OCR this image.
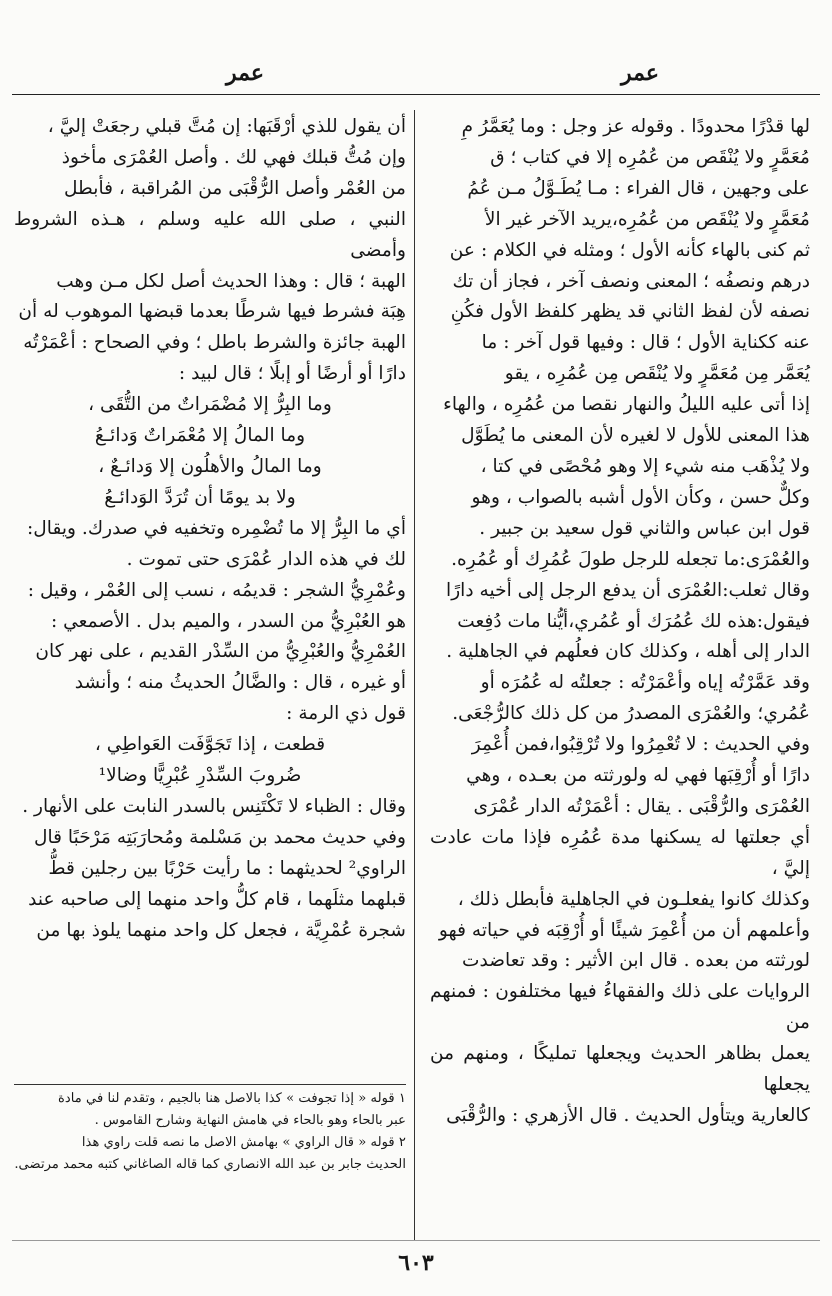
عمر
عمر

لها قدْرًا محدودًا . وقوله عز وجل : وما يُعَمَّرُ مِ

مُعَمَّرٍ ولا يُنْقَص من عُمُرِه إلا في كتاب ؛ ق

على وجهين ، قال الفراء : مـا يُطَـوَّلُ مـن عُمُ

مُعَمَّرٍ ولا يُنْقَص من عُمُرِه،يريد الآخر غير الأ

ثم كنى بالهاء كأنه الأول ؛ ومثله في الكلام : عن

درهم ونصفُه ؛ المعنى ونصف آخر ، فجاز أن تك

نصفه لأن لفظ الثاني قد يظهر كلفظ الأول فكُنِ

عنه ككناية الأول ؛ قال : وفيها قول آخر : ما

يُعَمَّر مِن مُعَمَّرٍ ولا يُنْقَص مِن عُمُرِه ، يقو

إذا أتى عليه الليلُ والنهار نقصا من عُمُرِه ، والهاء

هذا المعنى للأول لا لغيره لأن المعنى ما يُطَوَّل

ولا يُذْهَب منه شيء إلا وهو مُحْصًى في كتا ،

وكلٌّ حسن ، وكأن الأول أشبه بالصواب ، وهو

قول ابن عباس والثاني قول سعيد بن جبير .

والعُمْرَى:ما تجعله للرجل طولَ عُمُرِك أو عُمُرِه.

وقال ثعلب:العُمْرَى أن يدفع الرجل إلى أخيه دارًا

فيقول:هذه لك عُمُرَك أو عُمُري،أيُّنا مات دُفِعت

الدار إلى أهله ، وكذلك كان فعلُهم في الجاهلية .

وقد عَمَّرْتُه إياه وأعْمَرْتُه : جعلتُه له عُمُرَه أو

عُمُري؛ والعُمْرَى المصدرُ من كل ذلك كالرُّجْعَى.

وفي الحديث : لا تُعْمِرُوا ولا تُرْقِبُوا،فمن أُعْمِرَ

دارًا أو أُرْقِبَها فهي له ولورثته من بعـده ، وهي

العُمْرَى والرُّقْبَى . يقال : أعْمَرْتُه الدار عُمْرَى

أي جعلتها له يسكنها مدة عُمُرِه فإذا مات عادت إليَّ ،

وكذلك كانوا يفعلـون في الجاهلية فأبطل ذلك ،

وأعلمهم أن من أُعْمِرَ شيئًا أو أُرْقِبَه في حياته فهو

لورثته من بعده . قال ابن الأثير : وقد تعاضدت

الروايات على ذلك والفقهاءُ فيها مختلفون : فمنهم من

يعمل بظاهر الحديث ويجعلها تمليكًا ، ومنهم من يجعلها

كالعارية ويتأول الحديث . قال الأزهري : والرُّقْبَى

أن يقول للذي أرْقَبَها: إن مُتَّ قبلي رجعَتْ إليَّ ،

وإن مُتُّ قبلك فهي لك . وأصل العُمْرَى مأخوذ

من العُمْر وأصل الرُّقْبَى من المُراقبة ، فأبطل

النبي ، صلى الله عليه وسلم ، هـذه الشروط وأمضى

الهبة ؛ قال : وهذا الحديث أصل لكل مـن وهب

هِبَة فشرط فيها شرطًا بعدما قبضها الموهوب له أن

الهبة جائزة والشرط باطل ؛ وفي الصحاح : أعْمَرْتُه

دارًا أو أرضًا أو إبلًا ؛ قال لبيد :

وما البِرُّ إلا مُضْمَراتٌ من التُّقَى ،

وما المالُ إلا مُعْمَراتٌ وَدائـعُ

وما المالُ والأهلُون إلا وَدائـعٌ ،

ولا بد يومًا أن تُرَدَّ الوَدائـعُ

أي ما البِرُّ إلا ما تُضْمِره وتخفيه في صدرك. ويقال:

لك في هذه الدار عُمْرَى حتى تموت .

وعُمْرِيُّ الشجر : قديمُه ، نسب إلى العُمْر ، وقيل :

هو العُبْرِيُّ من السدر ، والميم بدل . الأصمعي :

العُمْرِيُّ والعُبْرِيُّ من السِّدْر القديم ، على نهر كان

أو غيره ، قال : والضَّالُ الحديثُ منه ؛ وأنشد

قول ذي الرمة :

قطعت ، إذا تَجَوَّفَت العَواطِي ،

ضُروبَ السِّدْرِ عُبْرِيًّا وضالا¹

وقال : الظباء لا تَكْتَنِس بالسدر النابت على الأنهار .

وفي حديث محمد بن مَسْلمة ومُحارَبَتِه مَرْحَبًا قال

الراوي² لحديثهما : ما رأيت حَرْبًا بين رجلين قطُّ

قبلهما مثلَهما ، قام كلُّ واحد منهما إلى صاحبه عند

شجرة عُمْرِيَّة ، فجعل كل واحد منهما يلوذ بها من

١ قوله « إذا تجوفت » كذا بالاصل هنا بالجيم ، وتقدم لنا في مادة

عبر بالحاء وهو بالحاء في هامش النهاية وشارح القاموس .

٢ قوله « قال الراوي » بهامش الاصل ما نصه قلت راوي هذا

الحديث جابر بن عبد الله الانصاري كما قاله الصاغاني كتبه محمد مرتضى.

٦٠٣
